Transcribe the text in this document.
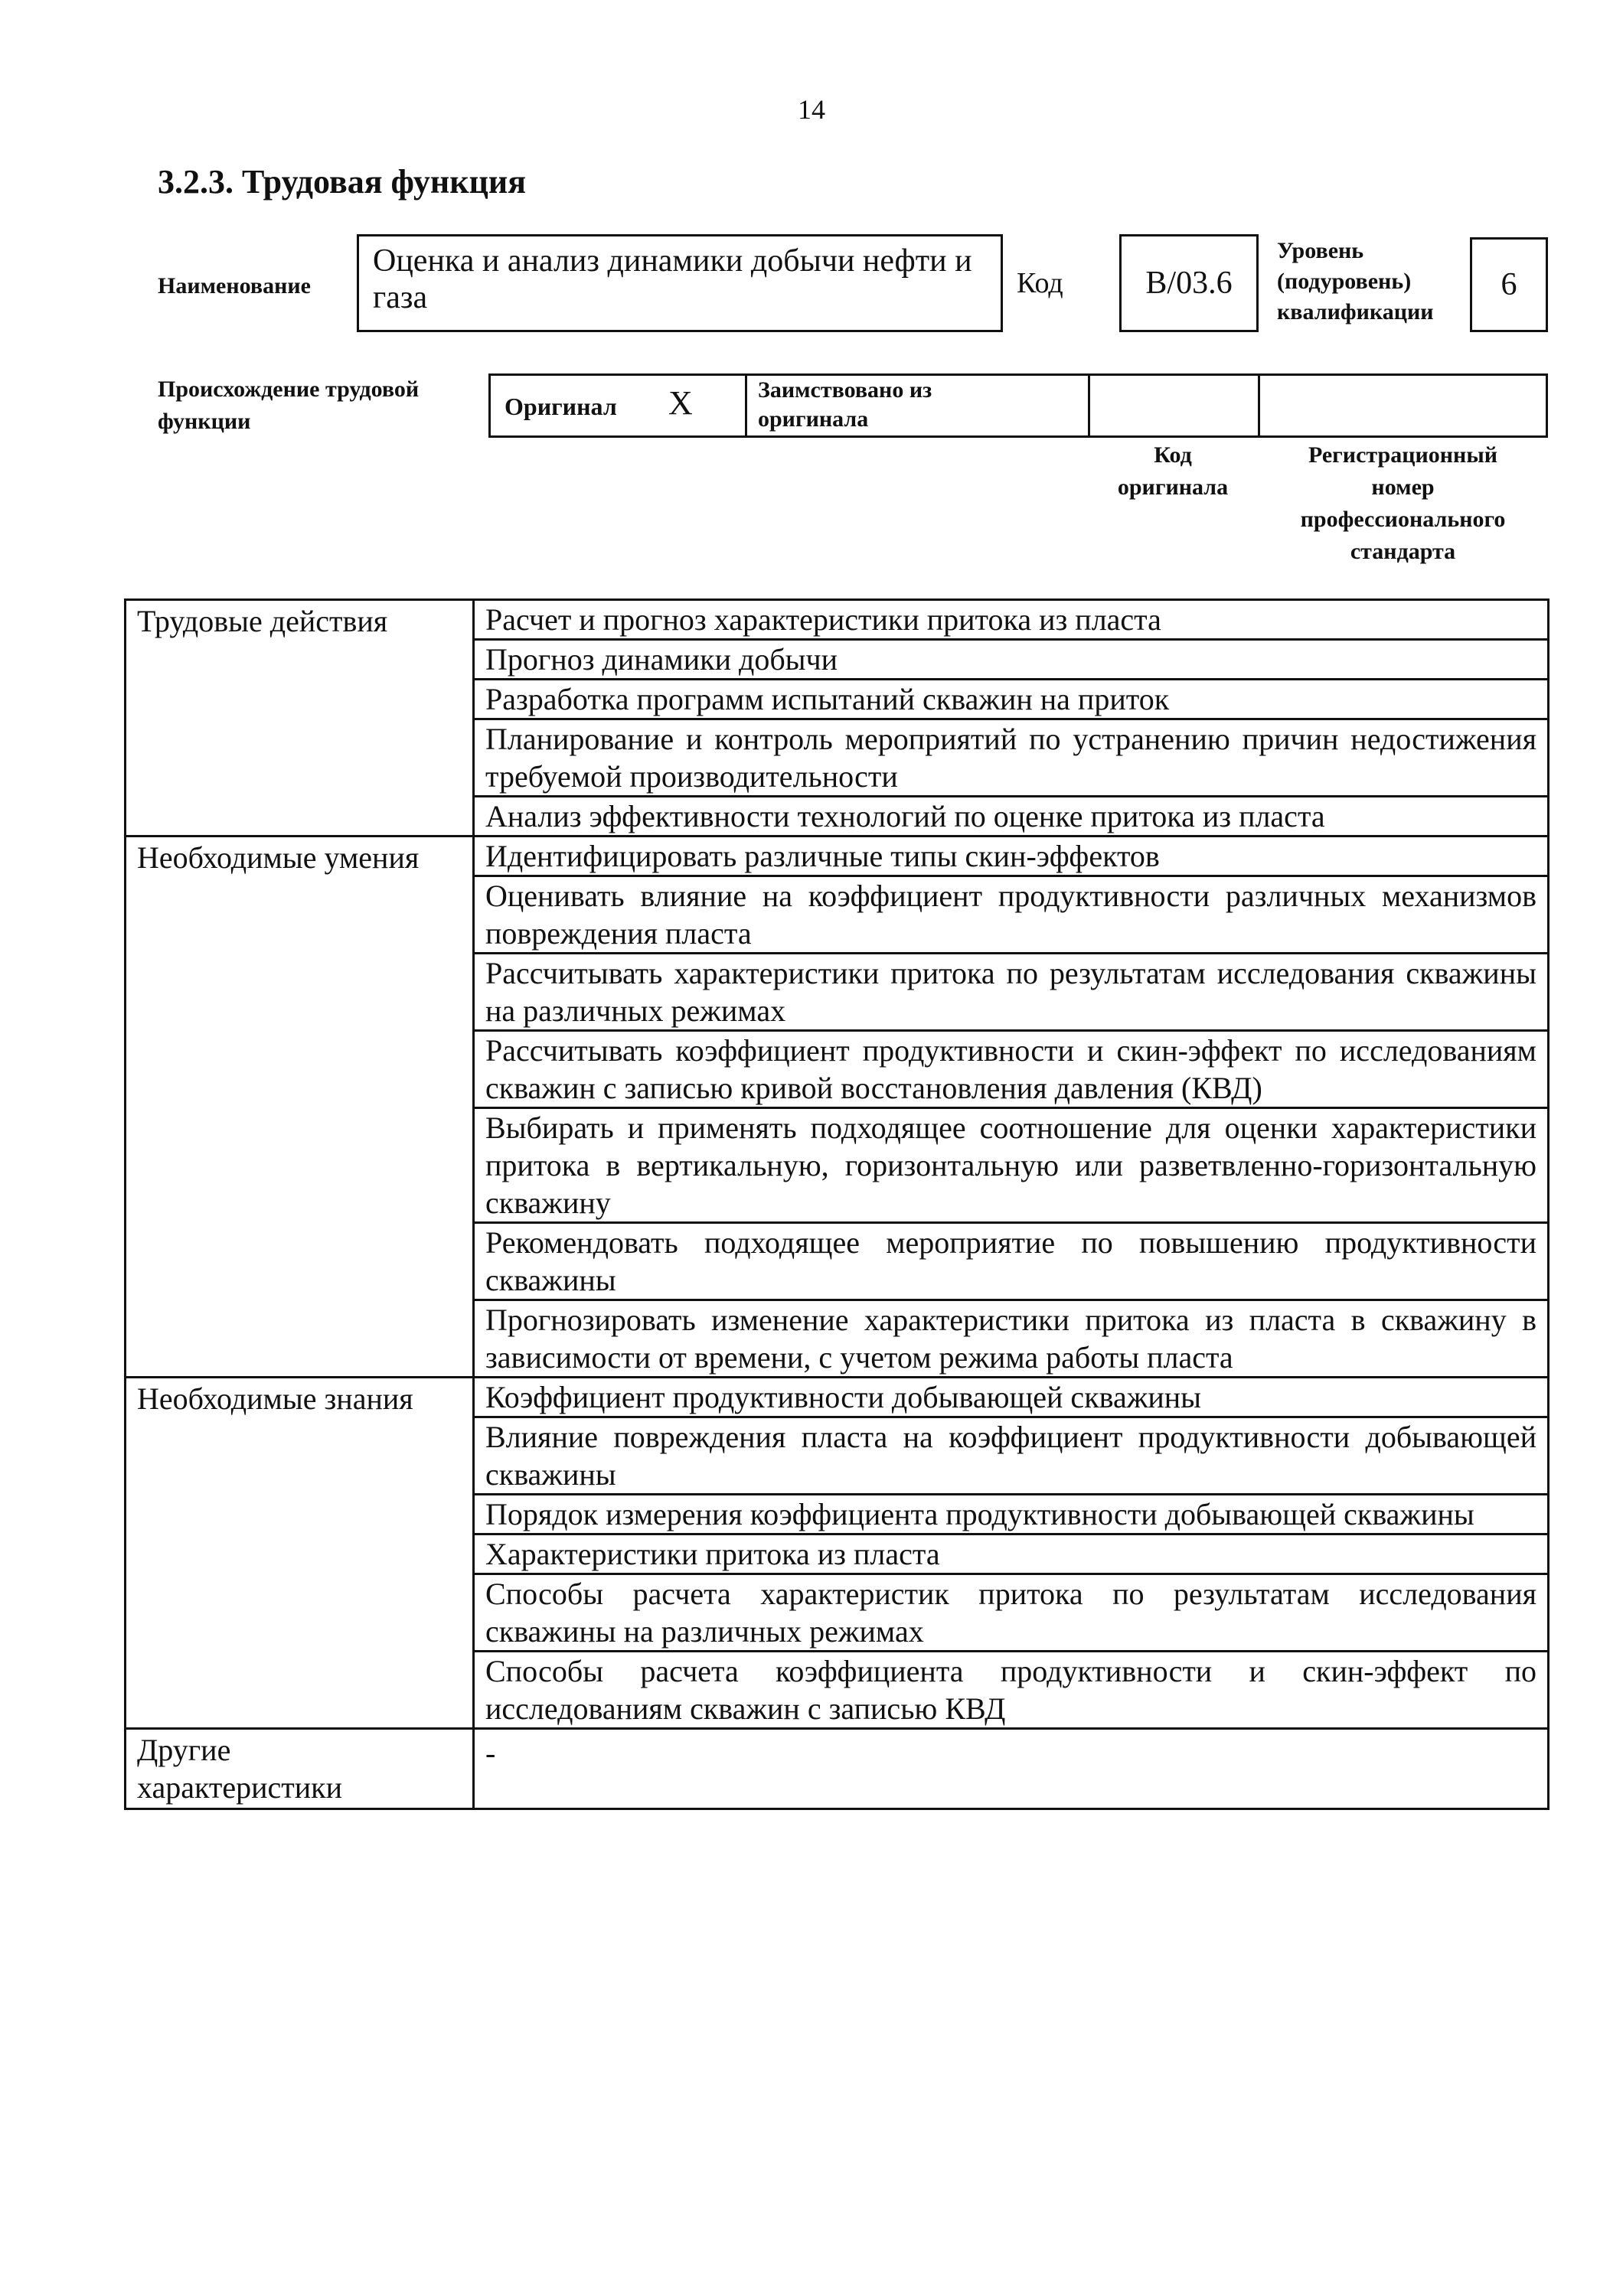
14
3.2.3. Трудовая функция
Наименование
Оценка и анализ динамики добычи нефти и газа	Код	B/03.6
Уровень
(подуровень)
квалификации
6
Происхождение трудовой
функции
Оригинал X	Заимствовано из
оригинала
Код
оригинала
Регистрационный
номер
профессионального
стандарта
Трудовые действия	Расчет и прогноз характеристики притока из пласта
	Прогноз динамики добычи
	Разработка программ испытаний скважин на приток
	Планирование и контроль мероприятий по устранению причин недостижения требуемой производительности
	Анализ эффективности технологий по оценке притока из пласта
Необходимые умения	Идентифицировать различные типы скин-эффектов
	Оценивать влияние на коэффициент продуктивности различных механизмов повреждения пласта
	Рассчитывать характеристики притока по результатам исследования скважины на различных режимах
	Рассчитывать коэффициент продуктивности и скин-эффект по исследованиям скважин с записью кривой восстановления давления (КВД)
	Выбирать и применять подходящее соотношение для оценки характеристики притока в вертикальную, горизонтальную или разветвленно-горизонтальную скважину
	Рекомендовать подходящее мероприятие по повышению продуктивности скважины
	Прогнозировать изменение характеристики притока из пласта в скважину в зависимости от времени, с учетом режима работы пласта
Необходимые знания	Коэффициент продуктивности добывающей скважины
	Влияние повреждения пласта на коэффициент продуктивности добывающей скважины
	Порядок измерения коэффициента продуктивности добывающей скважины
	Характеристики притока из пласта
	Способы расчета характеристик притока по результатам исследования скважины на различных режимах
	Способы расчета коэффициента продуктивности и скин-эффект по исследованиям скважин с записью КВД
Другие характеристики	-
